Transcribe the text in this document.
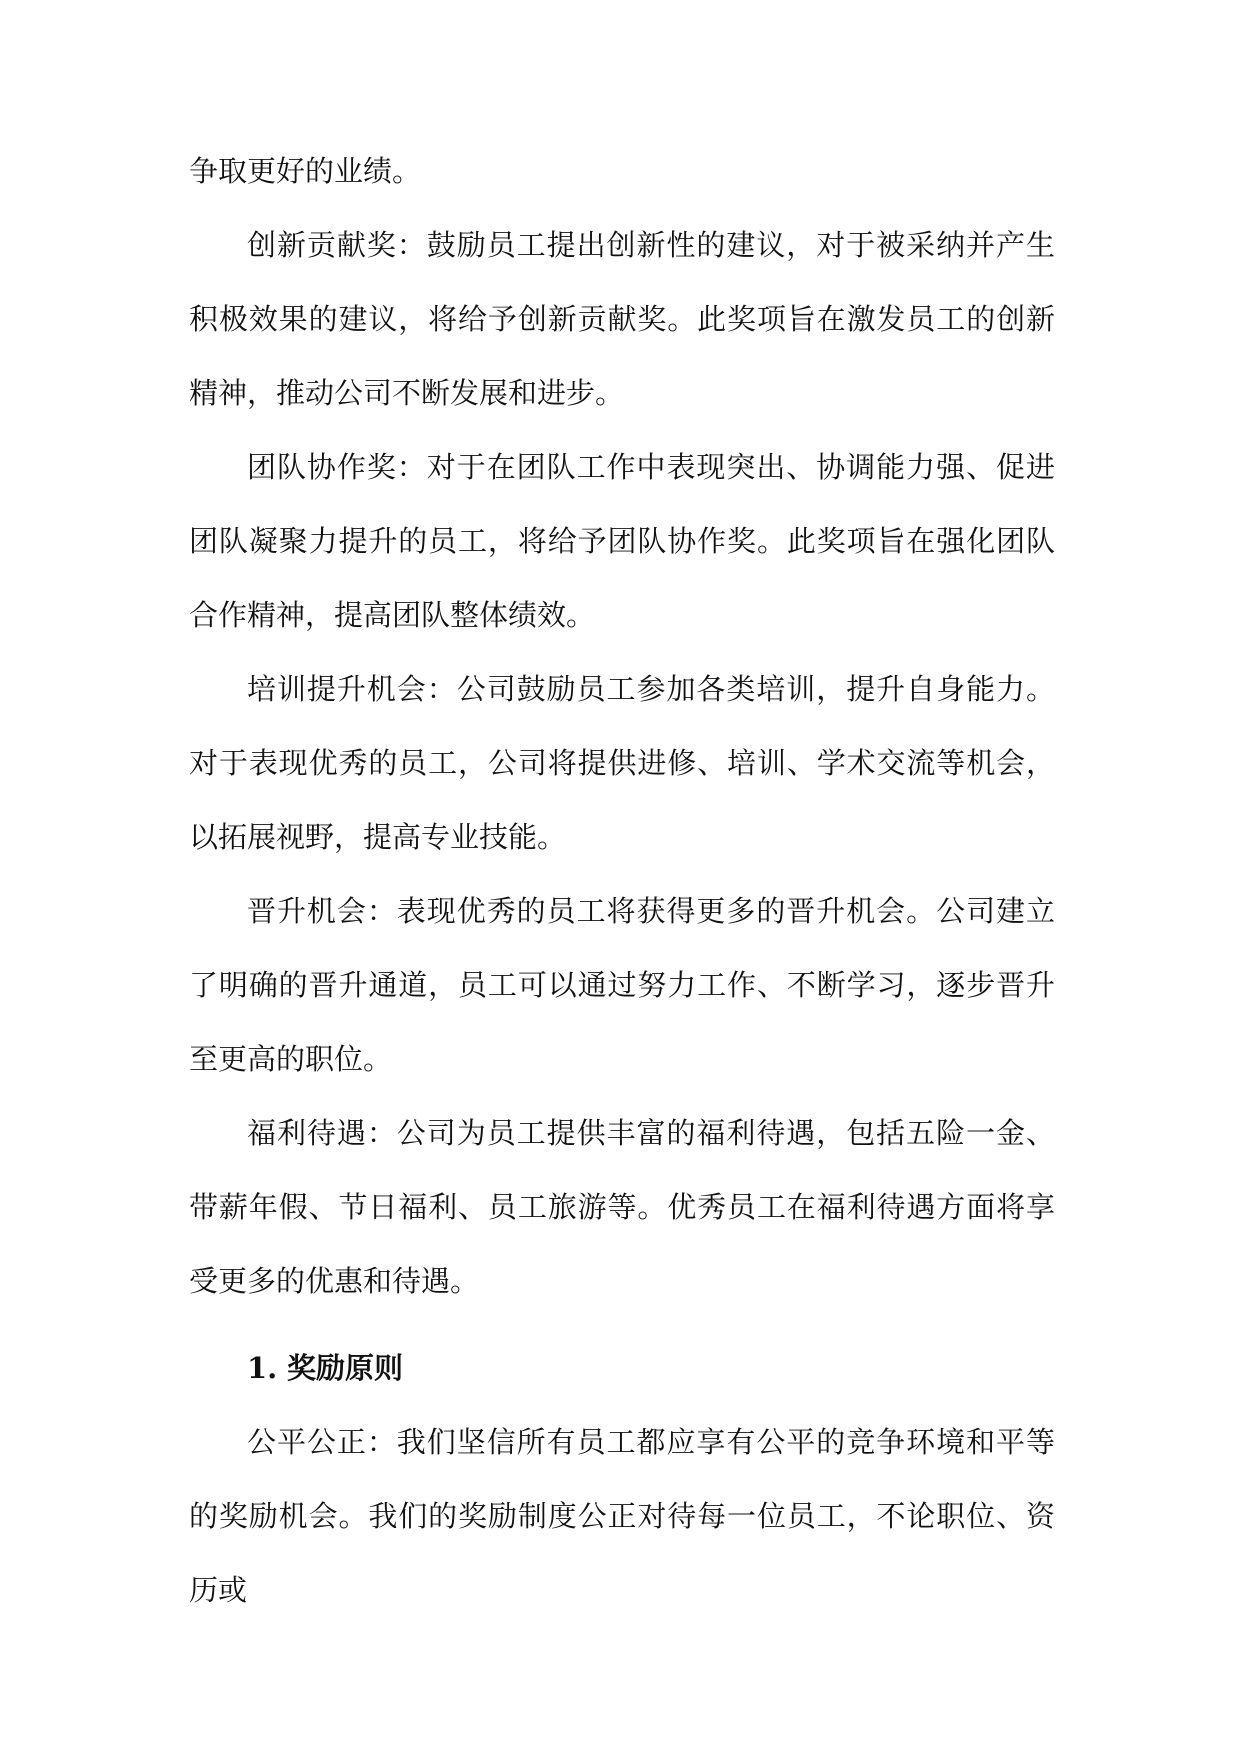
争取更好的业绩。

创新贡献奖：鼓励员工提出创新性的建议，对于被采纳并产生积极效果的建议，将给予创新贡献奖。此奖项旨在激发员工的创新精神，推动公司不断发展和进步。

团队协作奖：对于在团队工作中表现突出、协调能力强、促进团队凝聚力提升的员工，将给予团队协作奖。此奖项旨在强化团队合作精神，提高团队整体绩效。

培训提升机会：公司鼓励员工参加各类培训，提升自身能力。对于表现优秀的员工，公司将提供进修、培训、学术交流等机会，以拓展视野，提高专业技能。

晋升机会：表现优秀的员工将获得更多的晋升机会。公司建立了明确的晋升通道，员工可以通过努力工作、不断学习，逐步晋升至更高的职位。

福利待遇：公司为员工提供丰富的福利待遇，包括五险一金、带薪年假、节日福利、员工旅游等。优秀员工在福利待遇方面将享受更多的优惠和待遇。

1. 奖励原则

公平公正：我们坚信所有员工都应享有公平的竞争环境和平等的奖励机会。我们的奖励制度公正对待每一位员工，不论职位、资历或
